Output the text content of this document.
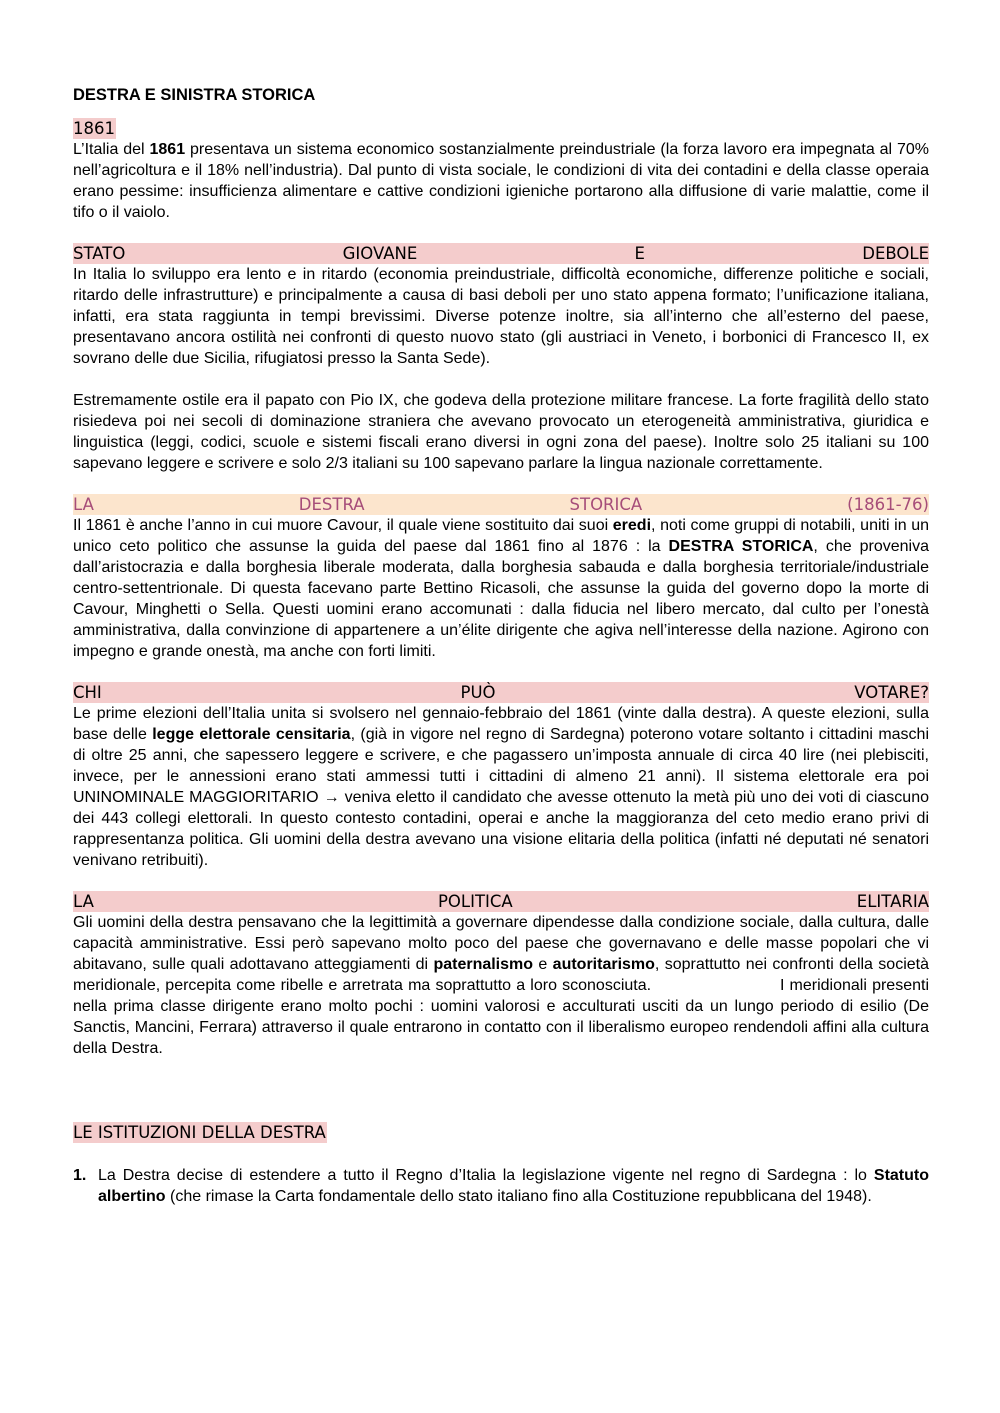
DESTRA E SINISTRA STORICA
1861

L’Italia del 1861 presentava un sistema economico sostanzialmente preindustriale (la forza lavoro era impegnata al 70% nell’agricoltura e il 18% nell’industria). Dal punto di vista sociale, le condizioni di vita dei contadini e della classe operaia erano pessime: insufficienza alimentare e cattive condizioni igieniche portarono alla diffusione di varie malattie, come il tifo o il vaiolo.

STATO	GIOVANE	E	DEBOLE

In Italia lo sviluppo era lento e in ritardo (economia preindustriale, difficoltà economiche, differenze politiche e sociali, ritardo delle infrastrutture) e principalmente a causa di basi deboli per uno stato appena formato; l’unificazione italiana, infatti, era stata raggiunta in tempi brevissimi. Diverse potenze inoltre, sia all’interno che all’esterno del paese, presentavano ancora ostilità nei confronti di questo nuovo stato (gli austriaci in Veneto, i borbonici di Francesco II, ex sovrano delle due Sicilia, rifugiatosi presso la Santa Sede).

Estremamente ostile era il papato con Pio IX, che godeva della protezione militare francese. La forte fragilità dello stato risiedeva poi nei secoli di dominazione straniera che avevano provocato un eterogeneità amministrativa, giuridica e linguistica (leggi, codici, scuole e sistemi fiscali erano diversi in ogni zona del paese). Inoltre solo 25 italiani su 100 sapevano leggere e scrivere e solo 2/3 italiani su 100 sapevano parlare la lingua nazionale correttamente.

LA	DESTRA	STORICA	(1861-76)

Il 1861 è anche l’anno in cui muore Cavour, il quale viene sostituito dai suoi eredi, noti come gruppi di notabili, uniti in un unico ceto politico che assunse la guida del paese dal 1861 fino al 1876 : la DESTRA STORICA, che proveniva dall’aristocrazia e dalla borghesia liberale moderata, dalla borghesia sabauda e dalla borghesia territoriale/industriale centro-settentrionale. Di questa facevano parte Bettino Ricasoli, che assunse la guida del governo dopo la morte di Cavour, Minghetti o Sella. Questi uomini erano accomunati : dalla fiducia nel libero mercato, dal culto per l’onestà amministrativa, dalla convinzione di appartenere a un’élite dirigente che agiva nell’interesse della nazione. Agirono con impegno e grande onestà, ma anche con forti limiti.

CHI	PUÒ	VOTARE?

Le prime elezioni dell’Italia unita si svolsero nel gennaio-febbraio del 1861 (vinte dalla destra). A queste elezioni, sulla base delle legge elettorale censitaria, (già in vigore nel regno di Sardegna) poterono votare soltanto i cittadini maschi di oltre 25 anni, che sapessero leggere e scrivere, e che pagassero un’imposta annuale di circa 40 lire (nei plebisciti, invece, per le annessioni erano stati ammessi tutti i cittadini di almeno 21 anni). Il sistema elettorale era poi UNINOMINALE MAGGIORITARIO → veniva eletto il candidato che avesse ottenuto la metà più uno dei voti di ciascuno dei 443 collegi elettorali. In questo contesto contadini, operai e anche la maggioranza del ceto medio erano privi di rappresentanza politica. Gli uomini della destra avevano una visione elitaria della politica (infatti né deputati né senatori venivano retribuiti).

LA	POLITICA	ELITARIA

Gli uomini della destra pensavano che la legittimità a governare dipendesse dalla condizione sociale, dalla cultura, dalle capacità amministrative. Essi però sapevano molto poco del paese che governavano e delle masse popolari che vi abitavano, sulle quali adottavano atteggiamenti di paternalismo e autoritarismo, soprattutto nei confronti della società meridionale, percepita come ribelle e arretrata ma soprattutto a loro sconosciuta.                         I meridionali presenti nella prima classe dirigente erano molto pochi : uomini valorosi e acculturati usciti da un lungo periodo di esilio (De Sanctis, Mancini, Ferrara) attraverso il quale entrarono in contatto con il liberalismo europeo rendendoli affini alla cultura della Destra.

LE ISTITUZIONI DELLA DESTRA
1. La Destra decise di estendere a tutto il Regno d’Italia la legislazione vigente nel regno di Sardegna : lo Statuto albertino (che rimase la Carta fondamentale dello stato italiano fino alla Costituzione repubblicana del 1948).
